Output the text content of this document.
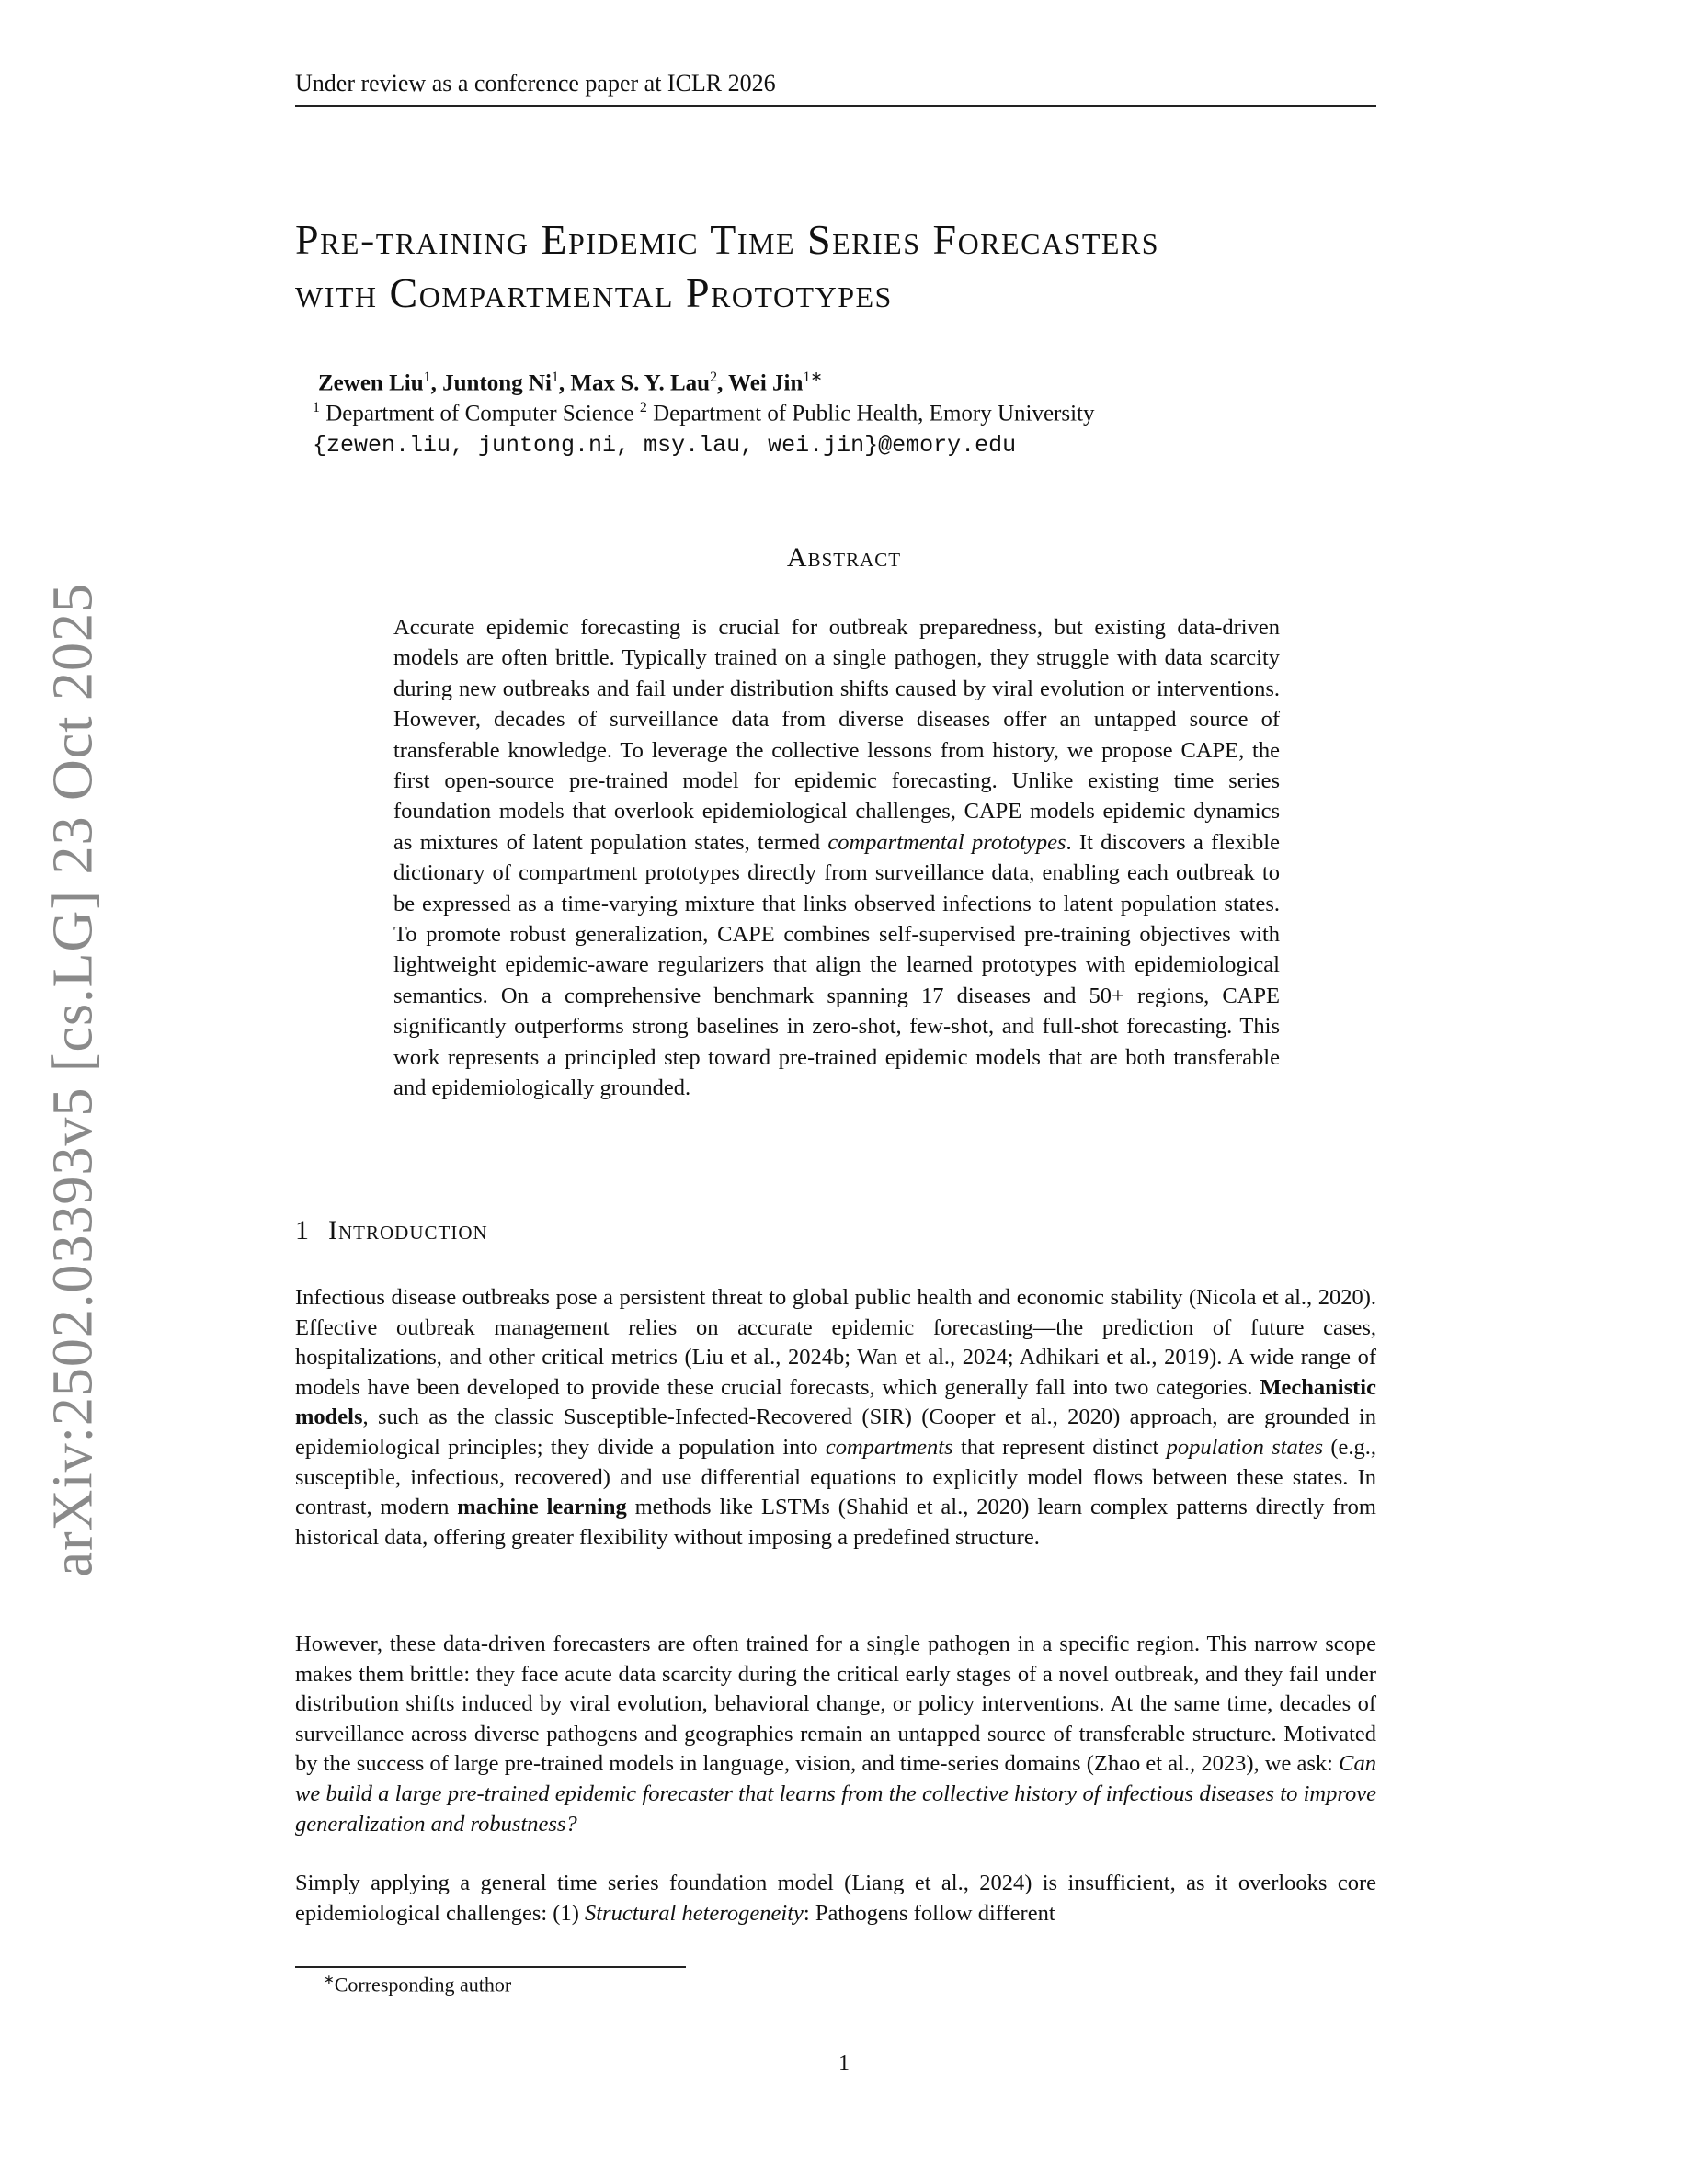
Under review as a conference paper at ICLR 2026
arXiv:2502.03393v5 [cs.LG] 23 Oct 2025
Pre-training Epidemic Time Series Forecasters
with Compartmental Prototypes
Zewen Liu$^1$, Juntong Ni$^1$, Max S. Y. Lau$^2$, Wei Jin$^{1∗}$
$^1$ Department of Computer Science $^2$ Department of Public Health, Emory University
{zewen.liu, juntong.ni, msy.lau, wei.jin}@emory.edu
Abstract
Accurate epidemic forecasting is crucial for outbreak preparedness, but existing data-driven models are often brittle. Typically trained on a single pathogen, they struggle with data scarcity during new outbreaks and fail under distribution shifts caused by viral evolution or interventions. However, decades of surveillance data from diverse diseases offer an untapped source of transferable knowledge. To leverage the collective lessons from history, we propose CAPE, the first open-source pre-trained model for epidemic forecasting. Unlike existing time series foundation models that overlook epidemiological challenges, CAPE models epidemic dynamics as mixtures of latent population states, termed compartmental prototypes. It discovers a flexible dictionary of compartment prototypes directly from surveillance data, enabling each outbreak to be expressed as a time-varying mixture that links observed infections to latent population states. To promote robust generalization, CAPE combines self-supervised pre-training objectives with lightweight epidemic-aware regularizers that align the learned prototypes with epidemiological semantics. On a comprehensive benchmark spanning 17 diseases and 50+ regions, CAPE significantly outperforms strong baselines in zero-shot, few-shot, and full-shot forecasting. This work represents a principled step toward pre-trained epidemic models that are both transferable and epidemiologically grounded.
1 Introduction
Infectious disease outbreaks pose a persistent threat to global public health and economic stability (Nicola et al., 2020). Effective outbreak management relies on accurate epidemic forecasting—the prediction of future cases, hospitalizations, and other critical metrics (Liu et al., 2024b; Wan et al., 2024; Adhikari et al., 2019). A wide range of models have been developed to provide these crucial forecasts, which generally fall into two categories. Mechanistic models, such as the classic Susceptible-Infected-Recovered (SIR) (Cooper et al., 2020) approach, are grounded in epidemiological principles; they divide a population into compartments that represent distinct population states (e.g., susceptible, infectious, recovered) and use differential equations to explicitly model flows between these states. In contrast, modern machine learning methods like LSTMs (Shahid et al., 2020) learn complex patterns directly from historical data, offering greater flexibility without imposing a predefined structure.
However, these data-driven forecasters are often trained for a single pathogen in a specific region. This narrow scope makes them brittle: they face acute data scarcity during the critical early stages of a novel outbreak, and they fail under distribution shifts induced by viral evolution, behavioral change, or policy interventions. At the same time, decades of surveillance across diverse pathogens and geographies remain an untapped source of transferable structure. Motivated by the success of large pre-trained models in language, vision, and time-series domains (Zhao et al., 2023), we ask: Can we build a large pre-trained epidemic forecaster that learns from the collective history of infectious diseases to improve generalization and robustness?
Simply applying a general time series foundation model (Liang et al., 2024) is insufficient, as it overlooks core epidemiological challenges: (1) Structural heterogeneity: Pathogens follow different
∗Corresponding author
1
